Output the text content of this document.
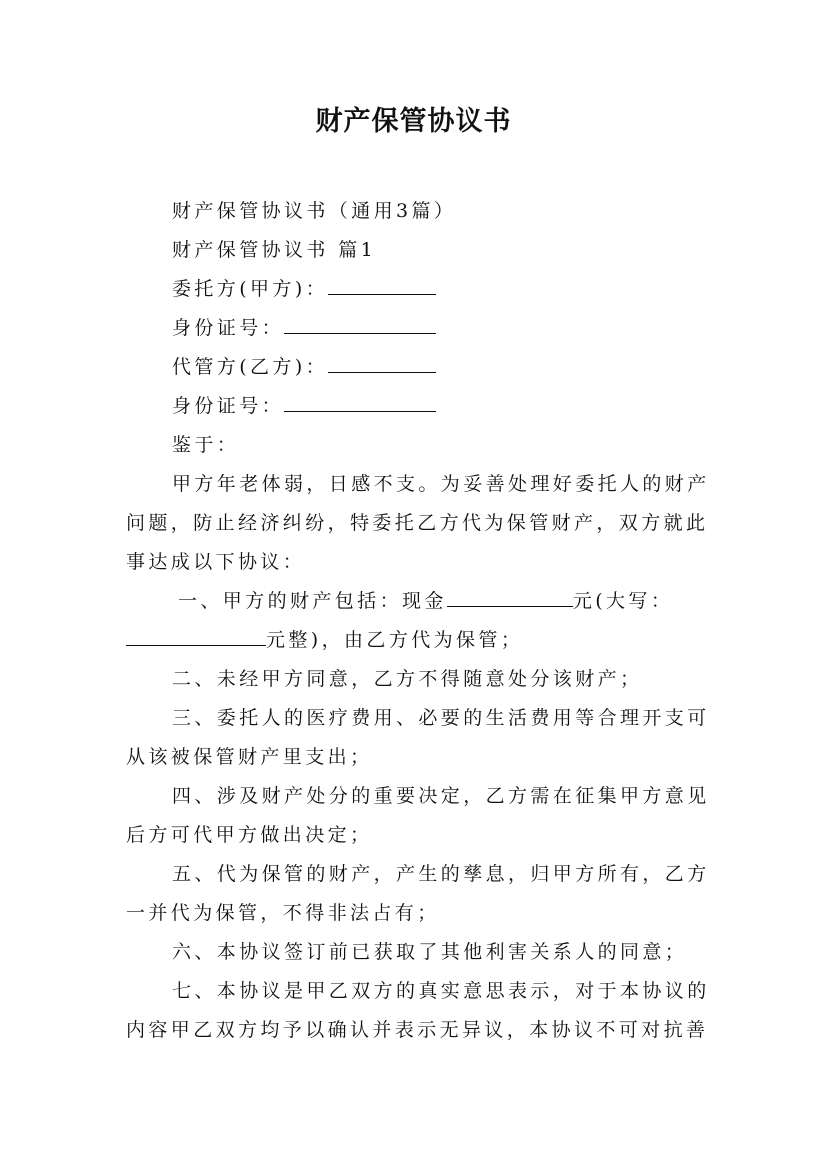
财产保管协议书
财产保管协议书（通用3篇）
财产保管协议书 篇1
委托方(甲方)：
身份证号：
代管方(乙方)：
身份证号：
鉴于：
甲方年老体弱，日感不支。为妥善处理好委托人的财产
问题，防止经济纠纷，特委托乙方代为保管财产，双方就此
事达成以下协议：
一、甲方的财产包括：现金	元(大写：
元整)，由乙方代为保管；
二、未经甲方同意，乙方不得随意处分该财产；
三、委托人的医疗费用、必要的生活费用等合理开支可
从该被保管财产里支出；
四、涉及财产处分的重要决定，乙方需在征集甲方意见
后方可代甲方做出决定；
五、代为保管的财产，产生的孳息，归甲方所有，乙方
一并代为保管，不得非法占有；
六、本协议签订前已获取了其他利害关系人的同意；
七、本协议是甲乙双方的真实意思表示，对于本协议的
内容甲乙双方均予以确认并表示无异议，本协议不可对抗善
